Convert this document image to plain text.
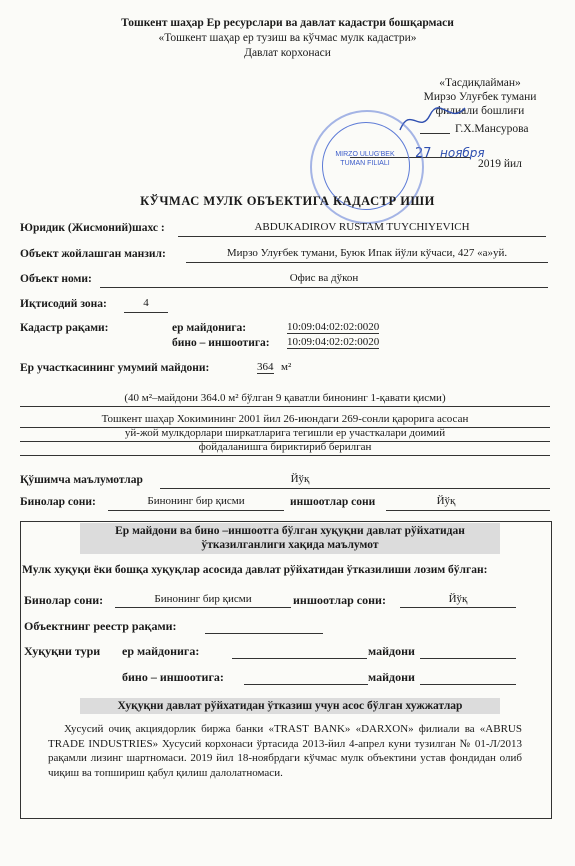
Тошкент шаҳар Ер ресурслари ва давлат кадастри бошқармаси
«Тошкент шаҳар ер тузиш ва кўчмас мулк кадастри»
Давлат корхонаси
«Тасдиқлайман»
Мирзо Улуғбек тумани
филиали бошлиғи
Г.Х.Мансурова
27 ноября
2019 йил
MIRZO ULUG'BEK
TUMAN FILIALI
КЎЧМАС МУЛК ОБЪЕКТИГА КАДАСТР ИШИ
Юридик (Жисмоний)шахс :	ABDUKADIROV RUSTAM TUYCHIYEVICH
Объект жойлашган манзил:	Мирзо Улуғбек тумани, Буюк Ипак йўли кўчаси, 427 «а»уй.
Объект номи:	Офис ва дўкон
Иқтисодий зона:	4
Кадастр рақами:	ер майдонига:	10:09:04:02:02:0020
бино – иншоотига: 10:09:04:02:02:0020
Ер участкасининг умумий майдони:	364 м²
(40 м²–майдони 364.0 м² бўлган 9 қаватли бинонинг 1-қавати қисми)
Тошкент шаҳар Хокимининг 2001 йил 26-июндаги 269-сонли қарорига асосан
уй-жой мулкдорлари ширкатларига тегишли ер участкалари доимий
фойдаланишга бириктириб берилган
Қўшимча маълумотлар	Йўқ
Бинолар сони:	Бинонинг бир қисми	иншоотлар сони	Йўқ
Ер майдони ва бино –иншоотга бўлган хуқуқни давлат рўйхатидан
ўтказилганлиги хақида маълумот
Мулк хуқуқи ёки бошқа хуқуқлар асосида давлат рўйхатидан ўтказилиши лозим бўлган:
Бинолар сони:	Бинонинг бир қисми	иншоотлар сони:	Йўқ
Объектнинг реестр рақами:
Хуқуқни тури ер майдонига:	майдони
бино – иншоотига:	майдони
Хуқуқни давлат рўйхатидан ўтказиш учун асос бўлган хужжатлар
Хусусий очиқ акциядорлик биржа банки «TRAST BANK» «DARXON» филиали ва «ABRUS TRADE INDUSTRIES» Хусусий корхонаси ўртасида 2013-йил 4-апрел куни тузилган № 01-Л/2013 рақамли лизинг шартномаси. 2019 йил 18-ноябрдаги кўчмас мулк объектини устав фондидан олиб чиқиш ва топшириш қабул қилиш далолатномаси.
